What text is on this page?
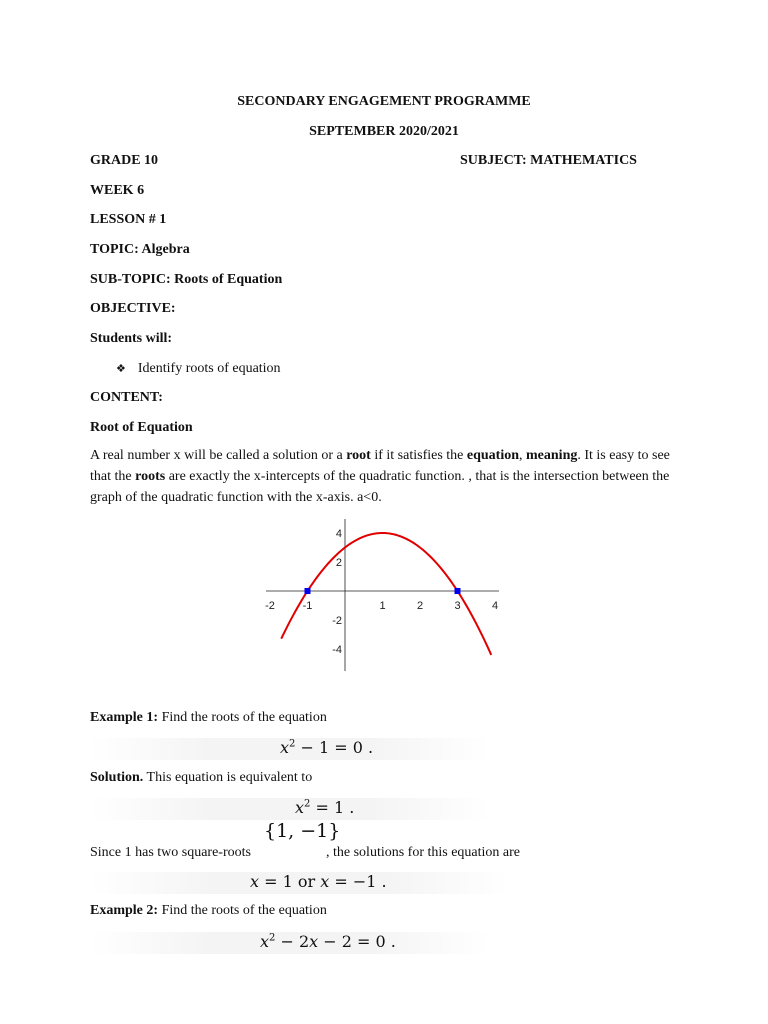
SECONDARY ENGAGEMENT PROGRAMME
SEPTEMBER 2020/2021
GRADE 10	SUBJECT: MATHEMATICS
WEEK 6
LESSON # 1
TOPIC: Algebra
SUB-TOPIC: Roots of Equation
OBJECTIVE:
Students will:
❖ Identify roots of equation
CONTENT:
Root of Equation
A real number x will be called a solution or a root if it satisfies the equation, meaning. It is easy to see that the roots are exactly the x-intercepts of the quadratic function. , that is the intersection between the graph of the quadratic function with the x-axis. a<0.
-2	-1	1	2	3	4
4
2
-2
-4
Example 1: Find the roots of the equation
$x^2 - 1 = 0$ .
Solution. This equation is equivalent to
$x^2 = 1$ .
Since 1 has two square-roots
{1, −1}
, the solutions for this equation are
x = 1 or x = −1 .
Example 2: Find the roots of the equation
$x^2 - 2x - 2 = 0$ .
